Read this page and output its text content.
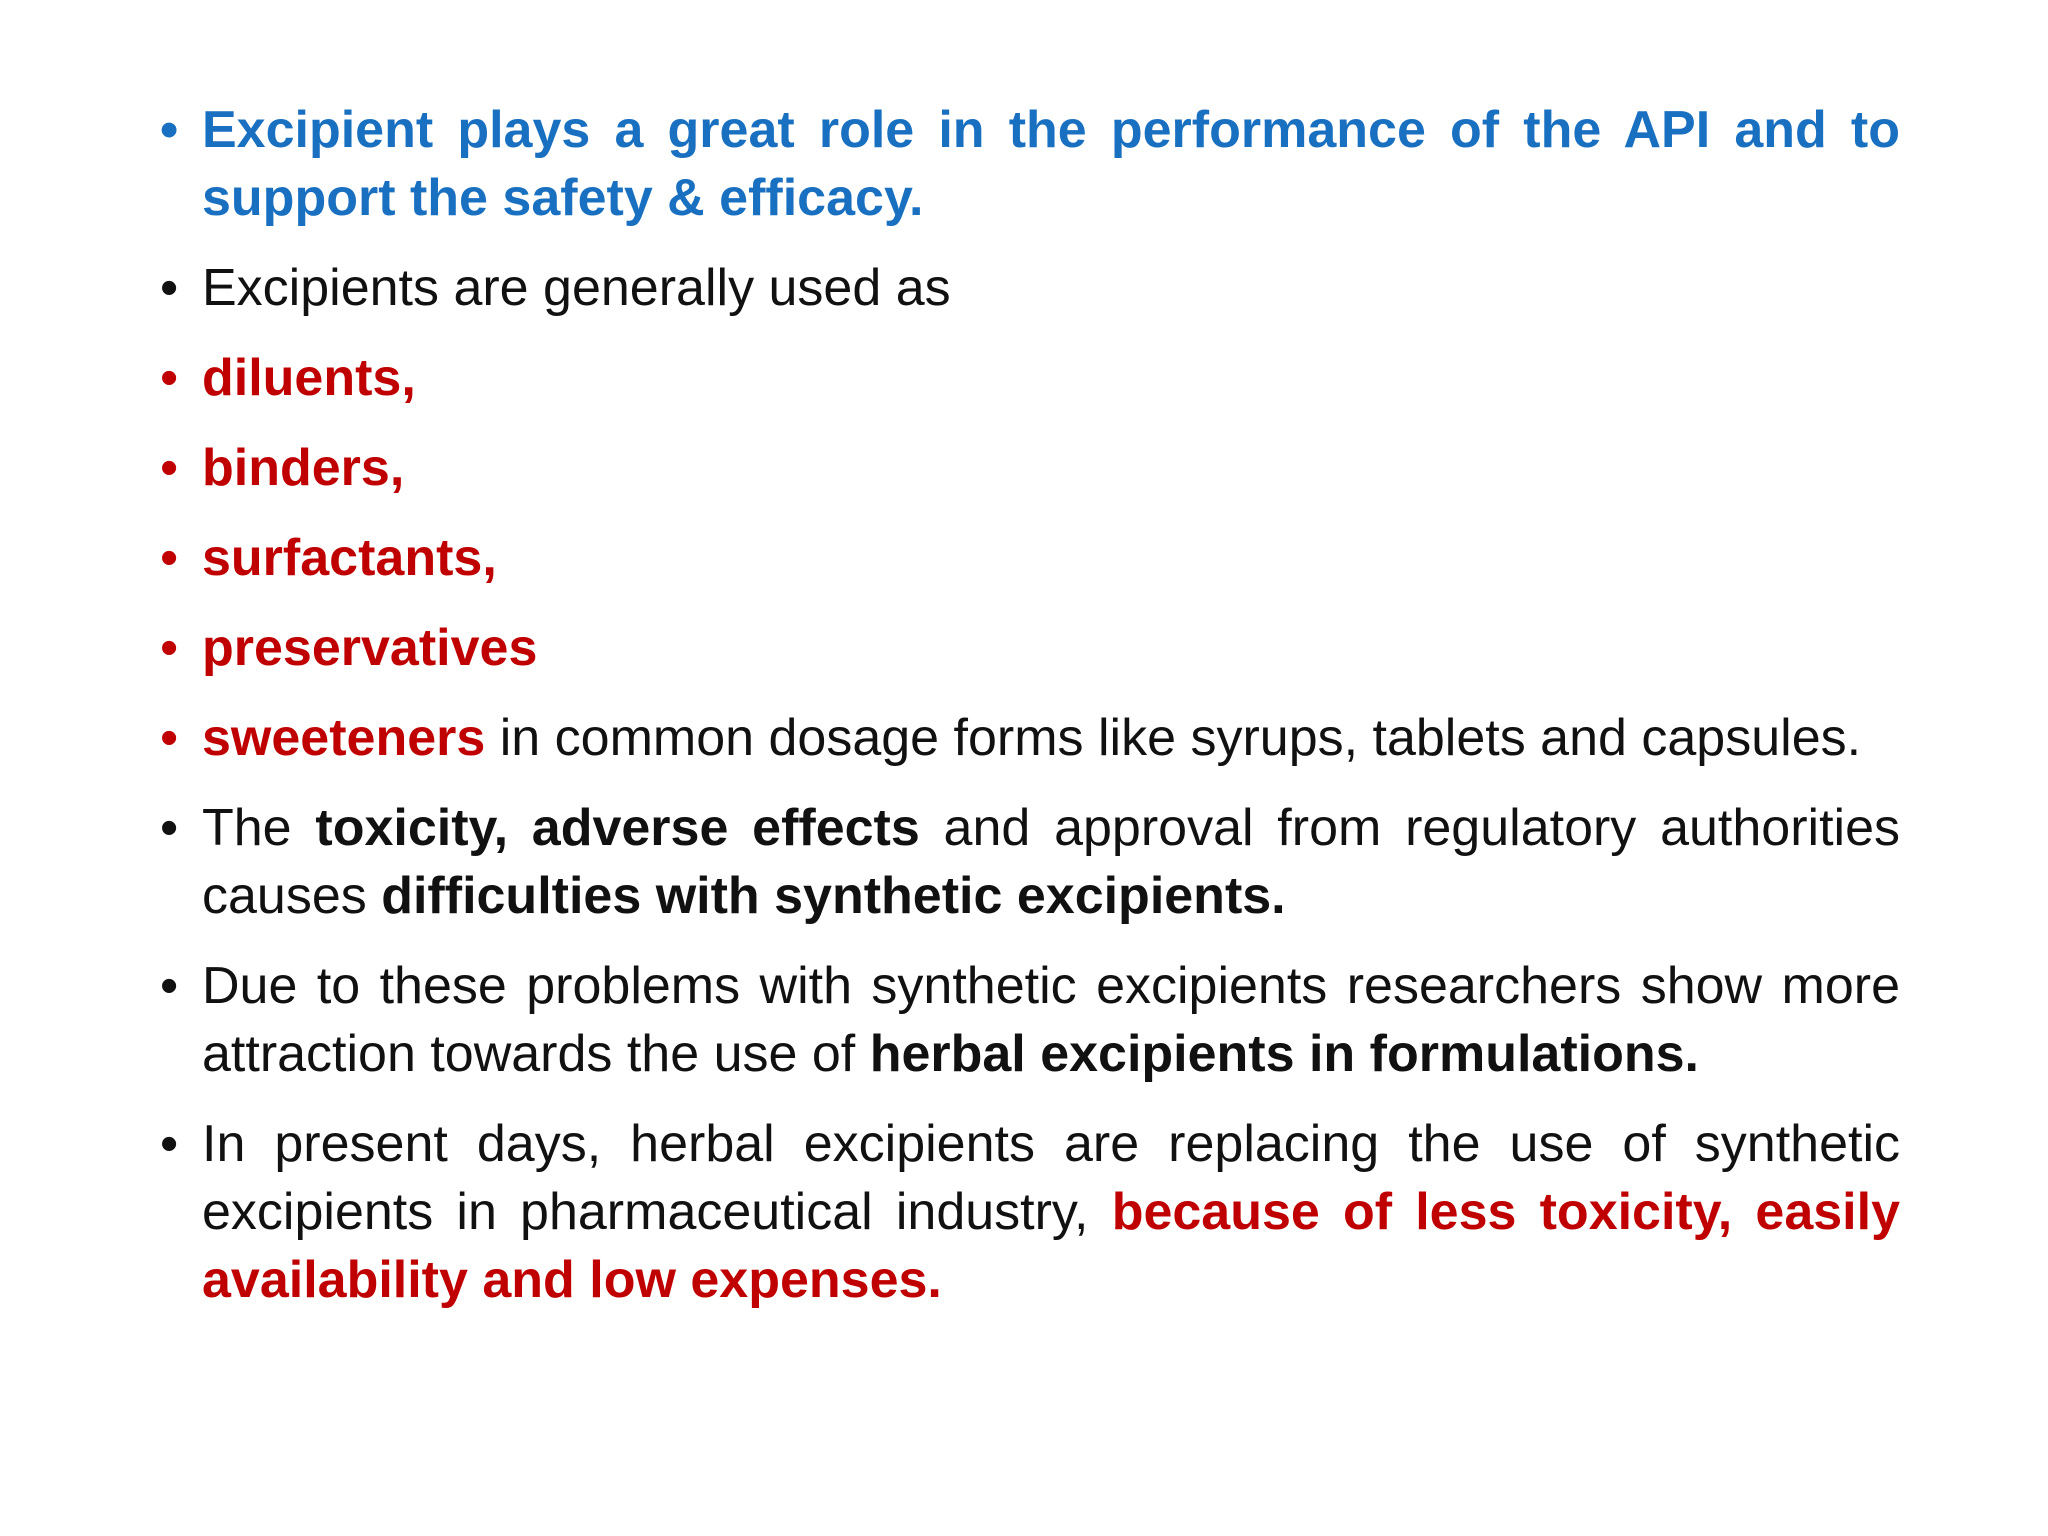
• Excipient plays a great role in the performance of the API and to support the safety & efficacy.
• Excipients are generally used as
• diluents,
• binders,
• surfactants,
• preservatives
• sweeteners in common dosage forms like syrups, tablets and capsules.
• The toxicity, adverse effects and approval from regulatory authorities causes difficulties with synthetic excipients.
• Due to these problems with synthetic excipients researchers show more attraction towards the use of herbal excipients in formulations.
• In present days, herbal excipients are replacing the use of synthetic excipients in pharmaceutical industry, because of less toxicity, easily availability and low expenses.
